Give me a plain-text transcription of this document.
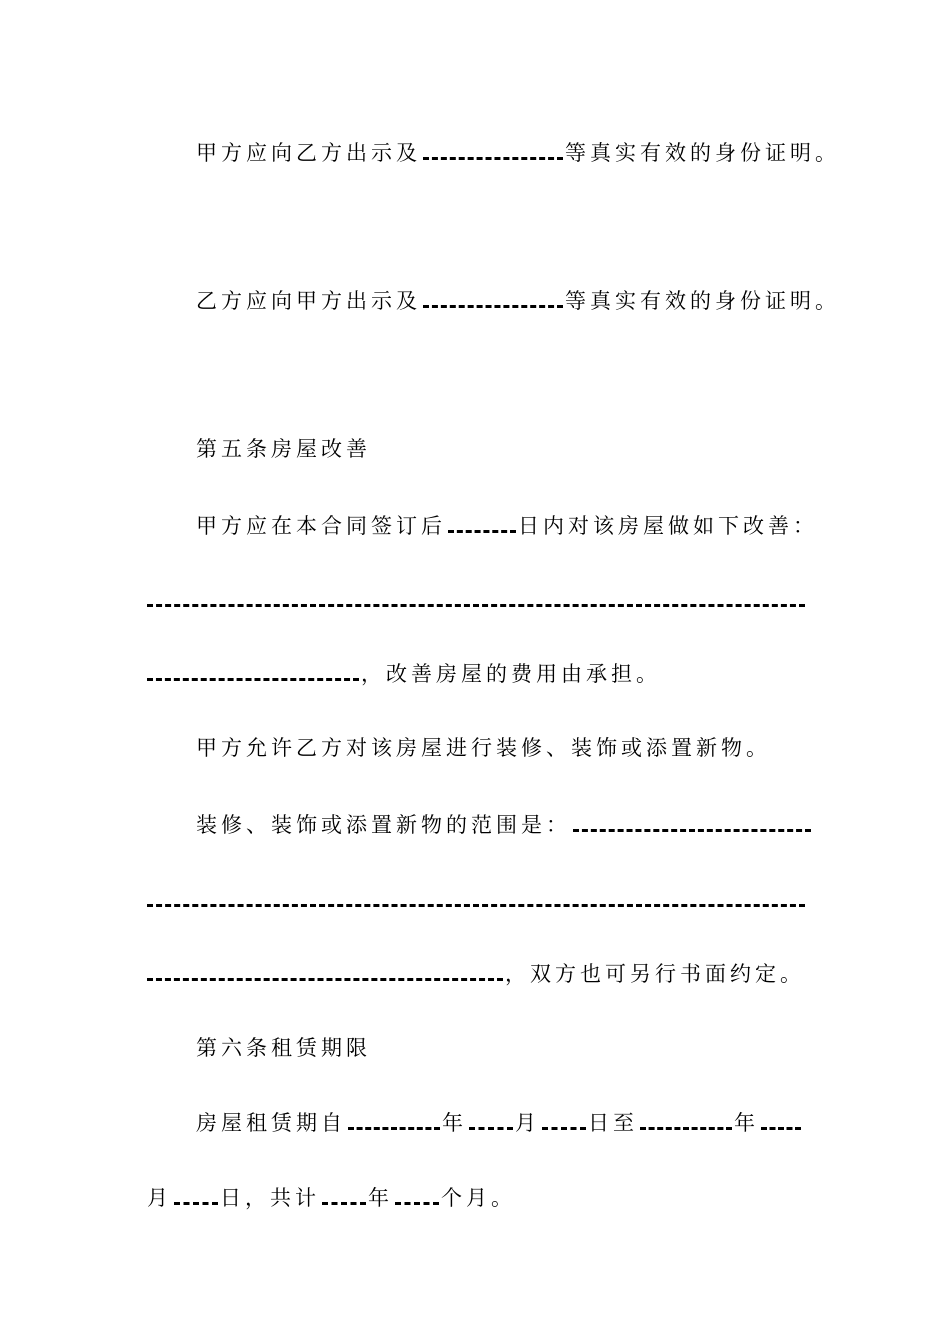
甲方应向乙方出示及	等真实有效的身份证明。
乙方应向甲方出示及	等真实有效的身份证明。
第五条房屋改善
甲方应在本合同签订后	日内对该房屋做如下改善：
，改善房屋的费用由承担。
甲方允许乙方对该房屋进行装修、装饰或添置新物。
装修、装饰或添置新物的范围是：
，双方也可另行书面约定。
第六条租赁期限
房屋租赁期自	年 月 日至	年
月 日，共计 年 个月。
